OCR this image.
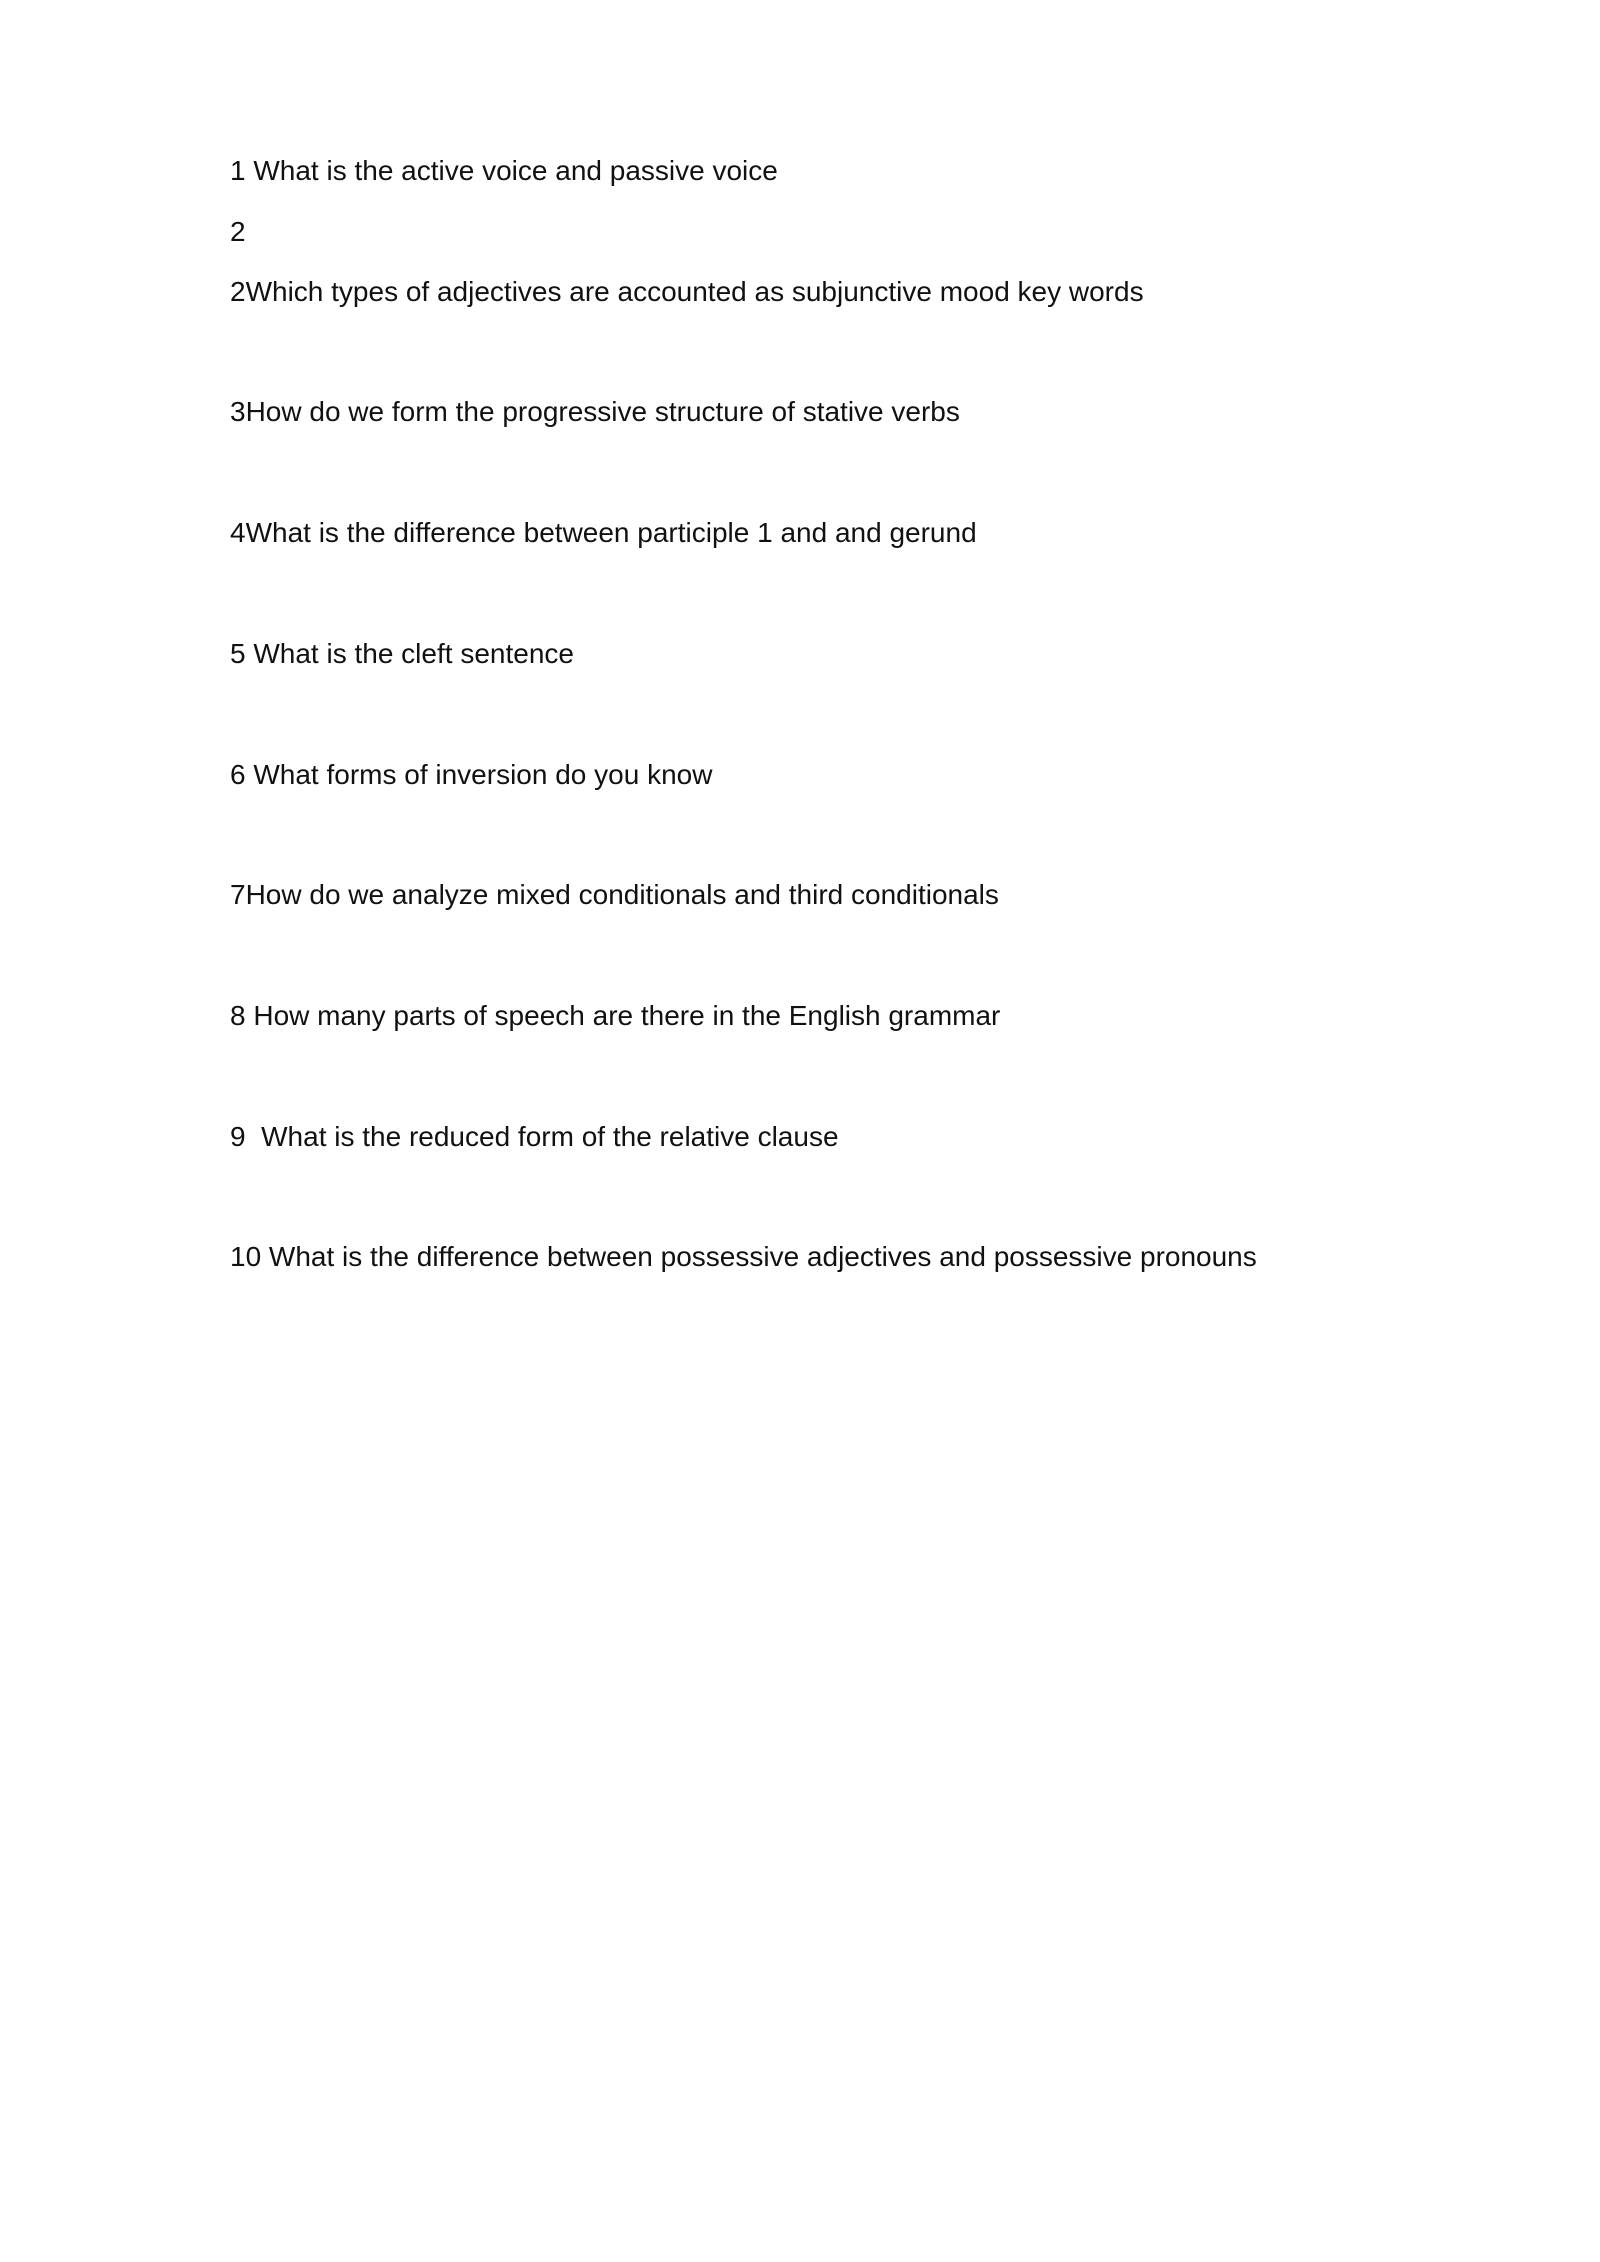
1 What is the active voice and passive voice

2

2Which types of adjectives are accounted as subjunctive mood key words

3How do we form the progressive structure of stative verbs

4What is the difference between participle 1 and and gerund

5 What is the cleft sentence

6 What forms of inversion do you know

7How do we analyze mixed conditionals and third conditionals

8 How many parts of speech are there in the English grammar

9  What is the reduced form of the relative clause

10 What is the difference between possessive adjectives and possessive pronouns
